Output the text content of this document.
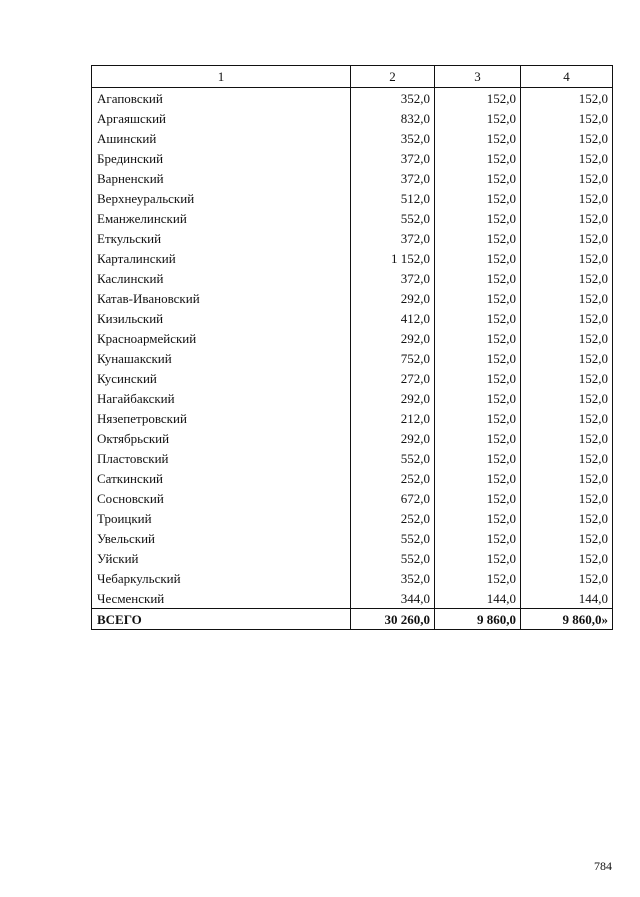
1	2	3	4
Агаповский	352,0	152,0	152,0
Аргаяшский	832,0	152,0	152,0
Ашинский	352,0	152,0	152,0
Брединский	372,0	152,0	152,0
Варненский	372,0	152,0	152,0
Верхнеуральский	512,0	152,0	152,0
Еманжелинский	552,0	152,0	152,0
Еткульский	372,0	152,0	152,0
Карталинский	1 152,0	152,0	152,0
Каслинский	372,0	152,0	152,0
Катав-Ивановский	292,0	152,0	152,0
Кизильский	412,0	152,0	152,0
Красноармейский	292,0	152,0	152,0
Кунашакский	752,0	152,0	152,0
Кусинский	272,0	152,0	152,0
Нагайбакский	292,0	152,0	152,0
Нязепетровский	212,0	152,0	152,0
Октябрьский	292,0	152,0	152,0
Пластовский	552,0	152,0	152,0
Саткинский	252,0	152,0	152,0
Сосновский	672,0	152,0	152,0
Троицкий	252,0	152,0	152,0
Увельский	552,0	152,0	152,0
Уйский	552,0	152,0	152,0
Чебаркульский	352,0	152,0	152,0
Чесменский	344,0	144,0	144,0
ВСЕГО	30 260,0	9 860,0	9 860,0»
784
